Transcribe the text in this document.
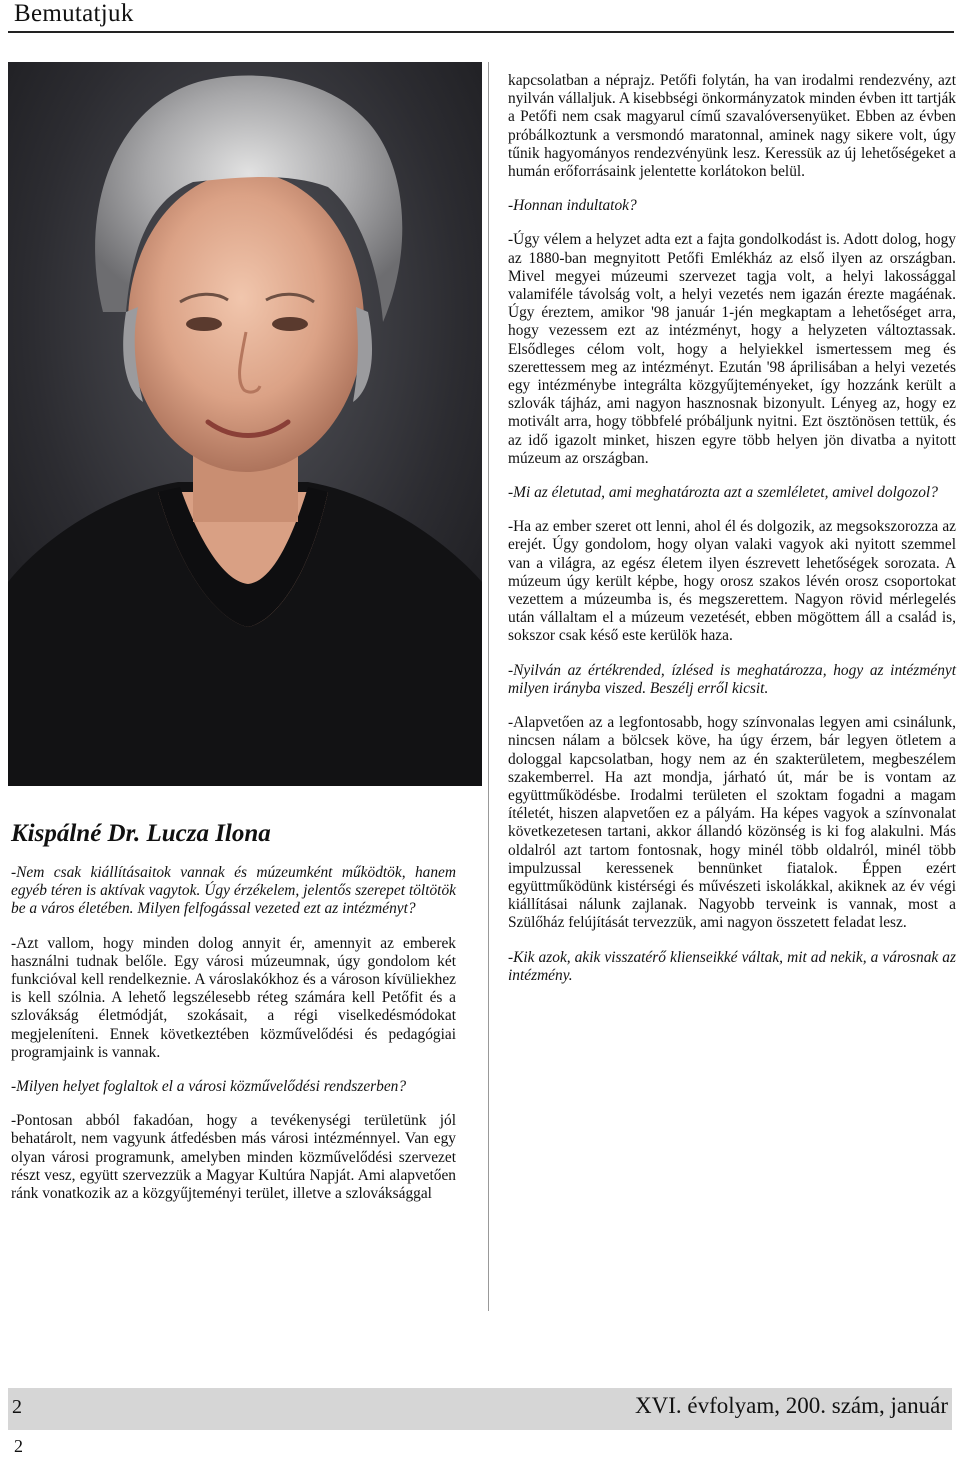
Bemutatjuk
Kispálné Dr. Lucza Ilona

-Nem csak kiállításaitok vannak és múzeumként működtök, hanem egyéb téren is aktívak vagytok. Úgy érzékelem, jelentős szerepet töltötök be a város életében. Milyen felfogással vezeted ezt az intézményt?

-Azt vallom, hogy minden dolog annyit ér, amennyit az emberek használni tudnak belőle. Egy városi múzeumnak, úgy gondolom két funkcióval kell rendelkeznie. A városlakókhoz és a városon kívüliekhez is kell szólnia. A lehető legszélesebb réteg számára kell Petőfit és a szlovákság életmódját, szokásait, a régi viselkedésmódokat megjeleníteni. Ennek következtében közművelődési és pedagógiai programjaink is vannak.

-Milyen helyet foglaltok el a városi közművelődési rendszerben?

-Pontosan abból fakadóan, hogy a tevékenységi területünk jól behatárolt, nem vagyunk átfedésben más városi intézménnyel. Van egy olyan városi programunk, amelyben minden közművelődési szervezet részt vesz, együtt szervezzük a Magyar Kultúra Napját. Ami alapvetően ránk vonatkozik az a közgyűjteményi terület, illetve a szlováksággal

kapcsolatban a néprajz. Petőfi folytán, ha van irodalmi rendezvény, azt nyilván vállaljuk. A kisebbségi önkormányzatok minden évben itt tartják a Petőfi nem csak magyarul című szavalóversenyüket. Ebben az évben próbálkoztunk a versmondó maratonnal, aminek nagy sikere volt, úgy tűnik hagyományos rendezvényünk lesz. Keressük az új lehetőségeket a humán erőforrásaink jelentette korlátokon belül.

-Honnan indultatok?

-Úgy vélem a helyzet adta ezt a fajta gondolkodást is. Adott dolog, hogy az 1880-ban megnyitott Petőfi Emlékház az első ilyen az országban. Mivel megyei múzeumi szervezet tagja volt, a helyi lakossággal valamiféle távolság volt, a helyi vezetés nem igazán érezte magáénak. Úgy éreztem, amikor '98 január 1-jén megkaptam a lehetőséget arra, hogy vezessem ezt az intézményt, hogy a helyzeten változtassak. Elsődleges célom volt, hogy a helyiekkel ismertessem meg és szerettessem meg az intézményt. Ezután '98 áprilisában a helyi vezetés egy intézménybe integrálta közgyűjteményeket, így hozzánk került a szlovák tájház, ami nagyon hasznosnak bizonyult. Lényeg az, hogy ez motivált arra, hogy többfelé próbáljunk nyitni. Ezt ösztönösen tettük, és az idő igazolt minket, hiszen egyre több helyen jön divatba a nyitott múzeum az országban.

-Mi az életutad, ami meghatározta azt a szemléletet, amivel dolgozol?

-Ha az ember szeret ott lenni, ahol él és dolgozik, az megsokszorozza az erejét. Úgy gondolom, hogy olyan valaki vagyok aki nyitott szemmel van a világra, az egész életem ilyen észrevett lehetőségek sorozata. A múzeum úgy került képbe, hogy orosz szakos lévén orosz csoportokat vezettem a múzeumba is, és megszerettem. Nagyon rövid mérlegelés után vállaltam el a múzeum vezetését, ebben mögöttem áll a család is, sokszor csak késő este kerülök haza.

-Nyilván az értékrended, ízlésed is meghatározza, hogy az intézményt milyen irányba viszed. Beszélj erről kicsit.

-Alapvetően az a legfontosabb, hogy színvonalas legyen ami csinálunk, nincsen nálam a bölcsek köve, ha úgy érzem, bár legyen ötletem a dologgal kapcsolatban, hogy nem az én szakterületem, megbeszélem szakemberrel. Ha azt mondja, járható út, már be is vontam az együttműködésbe. Irodalmi területen el szoktam fogadni a magam ítéletét, hiszen alapvetően ez a pályám. Ha képes vagyok a színvonalat következetesen tartani, akkor állandó közönség is ki fog alakulni. Más oldalról azt tartom fontosnak, hogy minél több oldalról, minél több impulzussal keressenek bennünket fiatalok. Éppen ezért együttműködünk kistérségi és művészeti iskolákkal, akiknek az év végi kiállításai nálunk zajlanak. Nagyobb terveink is vannak, most a Szülőház felújítását tervezzük, ami nagyon összetett feladat lesz.

-Kik azok, akik visszatérő klienseikké váltak, mit ad nekik, a városnak az intézmény.

2	XVI. évfolyam, 200. szám, január
2
